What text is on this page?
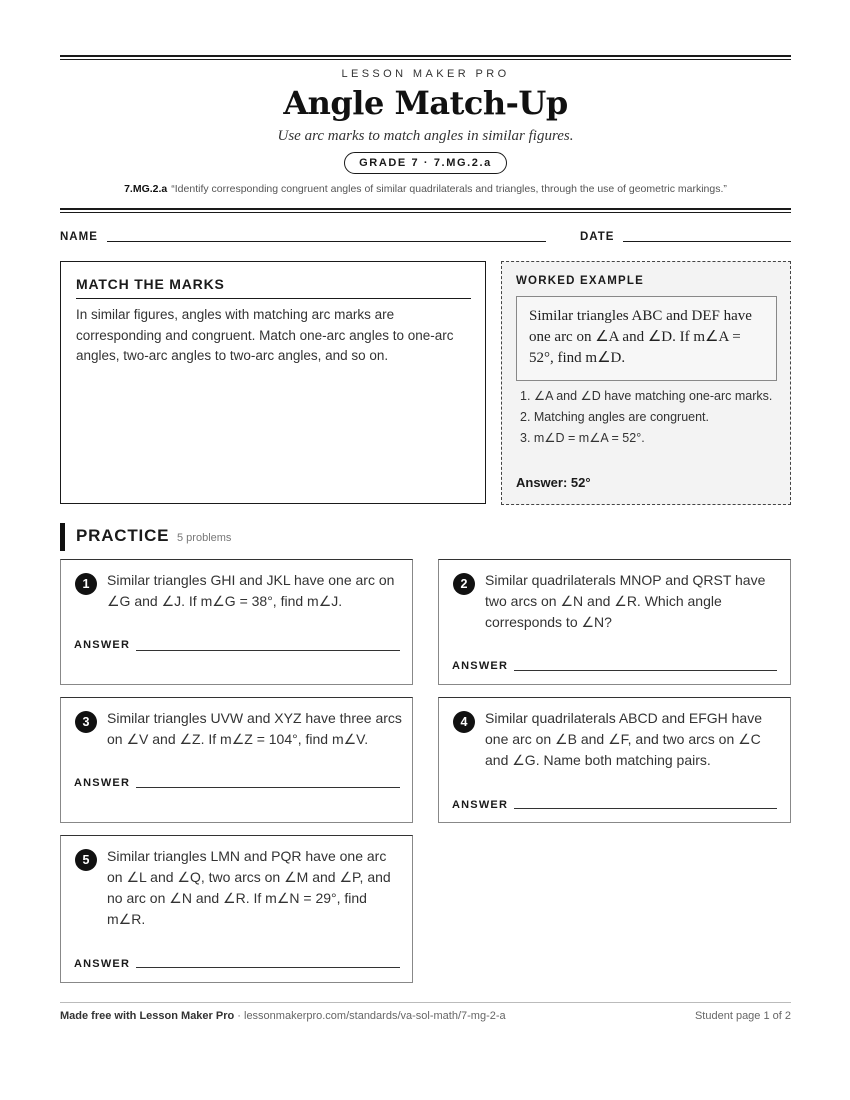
LESSON MAKER PRO
Angle Match-Up
Use arc marks to match angles in similar figures.
GRADE 7 · 7.MG.2.a
7.MG.2.a “Identify corresponding congruent angles of similar quadrilaterals and triangles, through the use of geometric markings.”
NAME	DATE
MATCH THE MARKS
In similar figures, angles with matching arc marks are corresponding and congruent. Match one-arc angles to one-arc angles, two-arc angles to two-arc angles, and so on.
WORKED EXAMPLE
Similar triangles ABC and DEF have one arc on ∠A and ∠D. If m∠A = 52°, find m∠D.
1. ∠A and ∠D have matching one-arc marks.
2. Matching angles are congruent.
3. m∠D = m∠A = 52°.
Answer: 52°
PRACTICE 5 problems
1	Similar triangles GHI and JKL have one arc on ∠G and ∠J. If m∠G = 38°, find m∠J.
ANSWER
2	Similar quadrilaterals MNOP and QRST have two arcs on ∠N and ∠R. Which angle corresponds to ∠N?
ANSWER
3	Similar triangles UVW and XYZ have three arcs on ∠V and ∠Z. If m∠Z = 104°, find m∠V.
ANSWER
4	Similar quadrilaterals ABCD and EFGH have one arc on ∠B and ∠F, and two arcs on ∠C and ∠G. Name both matching pairs.
ANSWER
5	Similar triangles LMN and PQR have one arc on ∠L and ∠Q, two arcs on ∠M and ∠P, and no arc on ∠N and ∠R. If m∠N = 29°, find m∠R.
ANSWER
Made free with Lesson Maker Pro · lessonmakerpro.com/standards/va-sol-math/7-mg-2-a	Student page 1 of 2
